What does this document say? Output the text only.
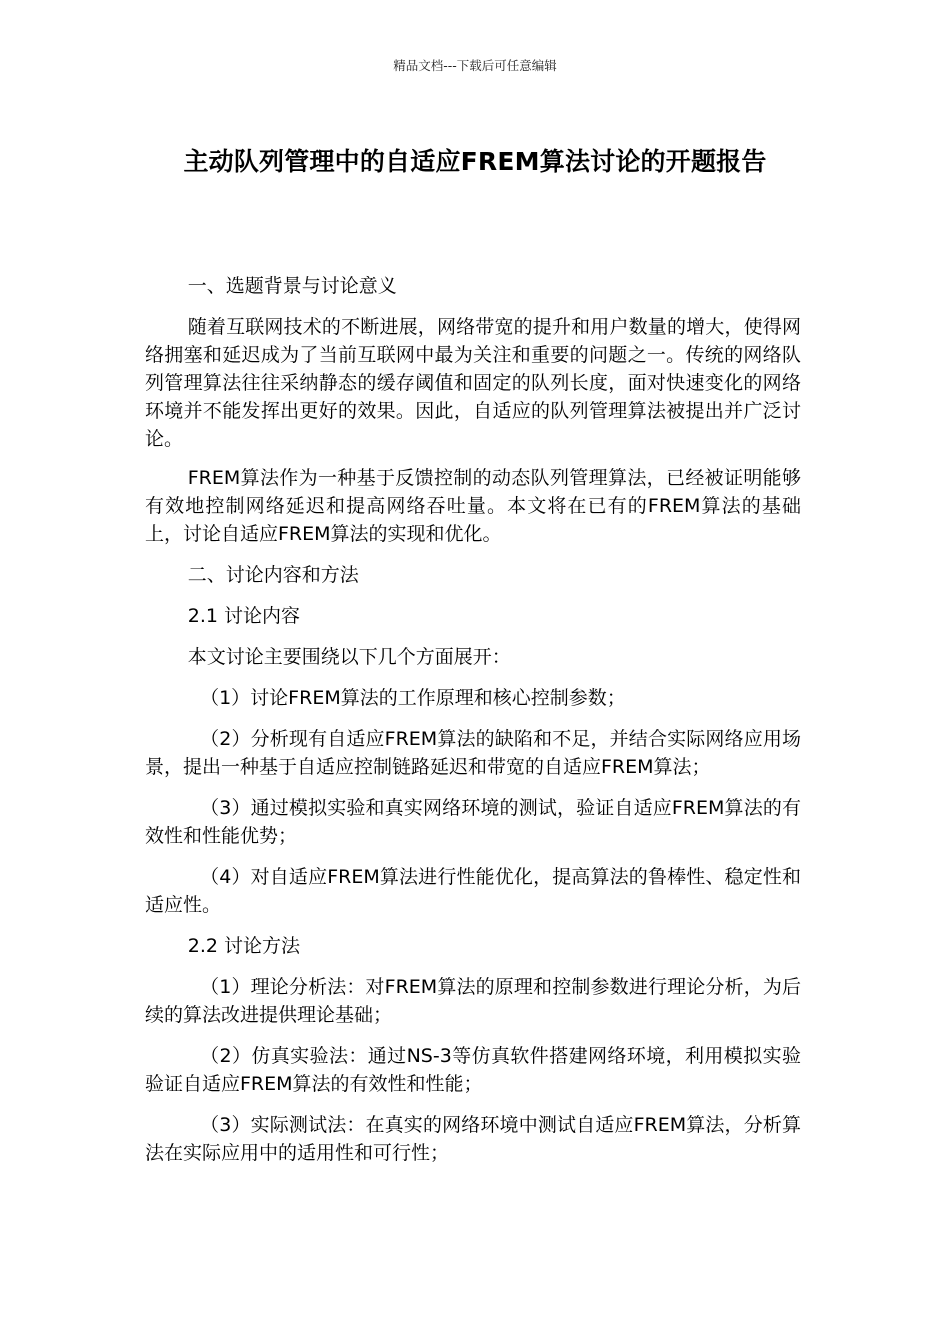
精品文档---下载后可任意编辑
主动队列管理中的自适应FREM算法讨论的开题报告

一、选题背景与讨论意义

随着互联网技术的不断进展，网络带宽的提升和用户数量的增大，使得网络拥塞和延迟成为了当前互联网中最为关注和重要的问题之一。传统的网络队列管理算法往往采纳静态的缓存阈值和固定的队列长度，面对快速变化的网络环境并不能发挥出更好的效果。因此，自适应的队列管理算法被提出并广泛讨论。

FREM算法作为一种基于反馈控制的动态队列管理算法，已经被证明能够有效地控制网络延迟和提高网络吞吐量。本文将在已有的FREM算法的基础上，讨论自适应FREM算法的实现和优化。

二、讨论内容和方法

2.1 讨论内容

本文讨论主要围绕以下几个方面展开：

（1）讨论FREM算法的工作原理和核心控制参数；

（2）分析现有自适应FREM算法的缺陷和不足，并结合实际网络应用场景，提出一种基于自适应控制链路延迟和带宽的自适应FREM算法；

（3）通过模拟实验和真实网络环境的测试，验证自适应FREM算法的有效性和性能优势；

（4）对自适应FREM算法进行性能优化，提高算法的鲁棒性、稳定性和适应性。

2.2 讨论方法

（1）理论分析法：对FREM算法的原理和控制参数进行理论分析，为后续的算法改进提供理论基础；

（2）仿真实验法：通过NS-3等仿真软件搭建网络环境，利用模拟实验验证自适应FREM算法的有效性和性能；

（3）实际测试法：在真实的网络环境中测试自适应FREM算法，分析算法在实际应用中的适用性和可行性；
